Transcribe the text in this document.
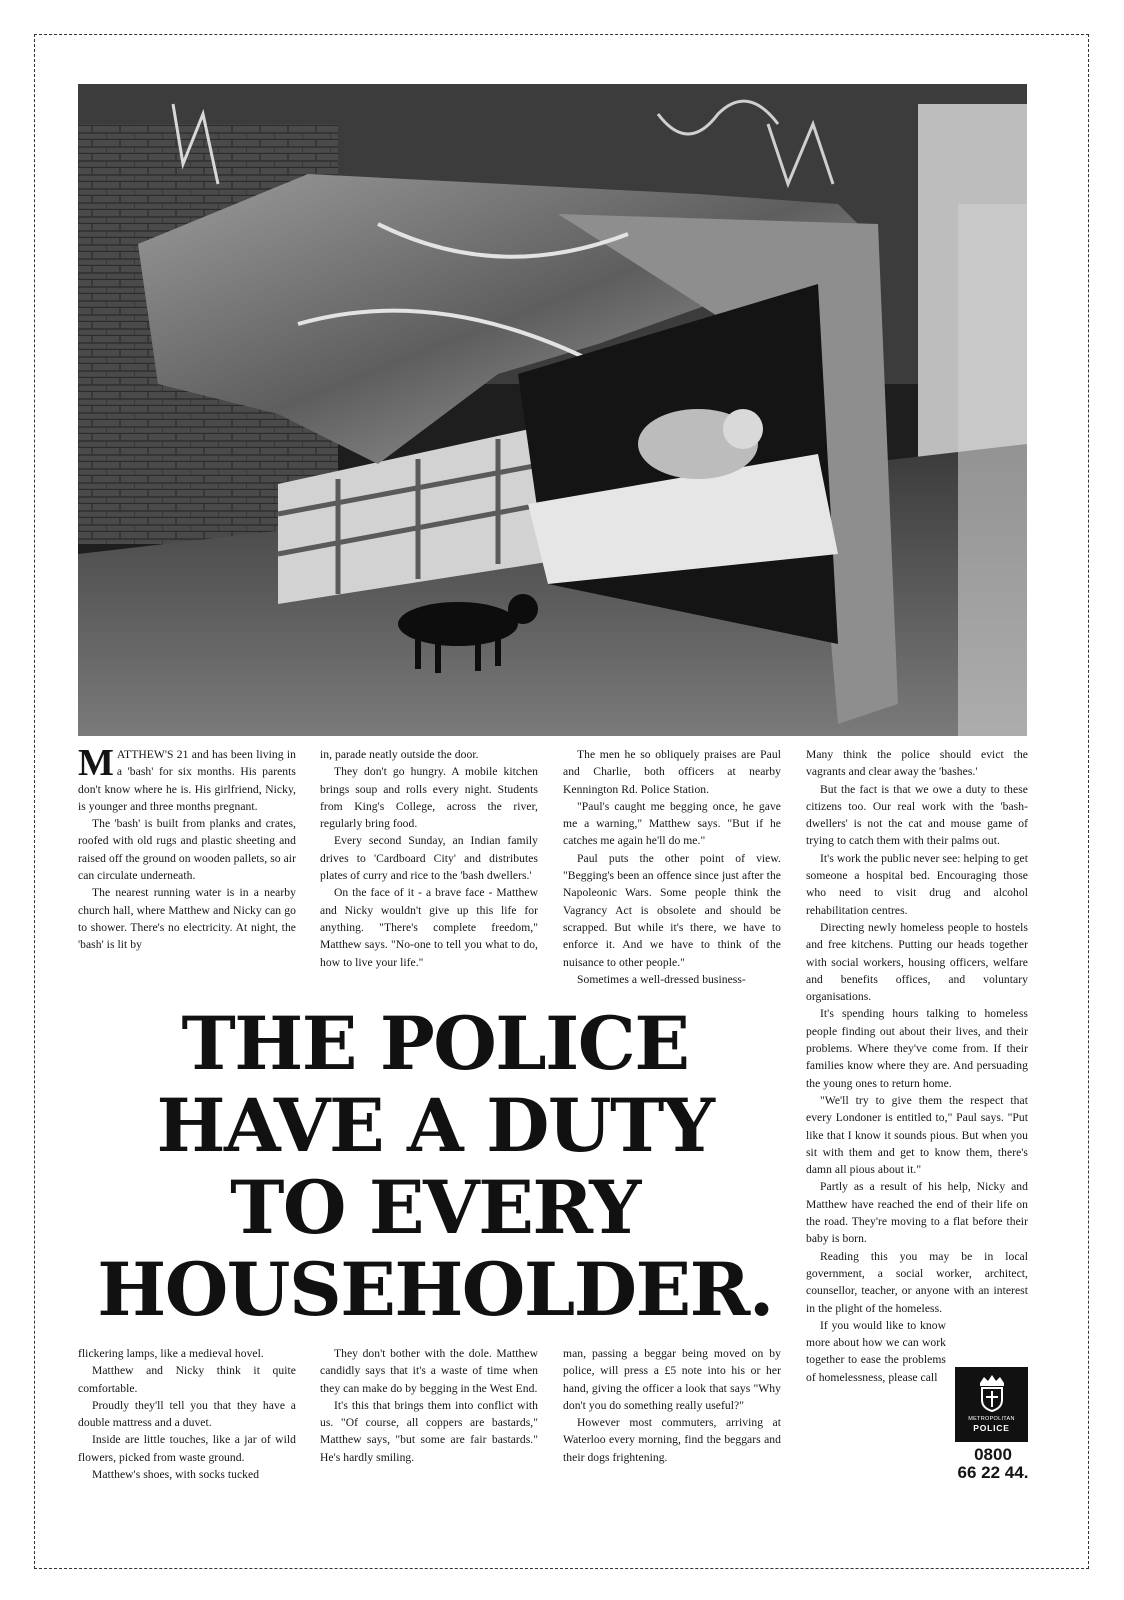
MATTHEW'S 21 and has been living in a 'bash' for six months. His parents don't know where he is. His girlfriend, Nicky, is younger and three months pregnant.

The 'bash' is built from planks and crates, roofed with old rugs and plastic sheeting and raised off the ground on wooden pallets, so air can circulate underneath.

The nearest running water is in a nearby church hall, where Matthew and Nicky can go to shower. There's no electricity. At night, the 'bash' is lit by

in, parade neatly outside the door.

They don't go hungry. A mobile kitchen brings soup and rolls every night. Students from King's College, across the river, regularly bring food.

Every second Sunday, an Indian family drives to 'Cardboard City' and distributes plates of curry and rice to the 'bash dwellers.'

On the face of it - a brave face - Matthew and Nicky wouldn't give up this life for anything. "There's complete freedom," Matthew says. "No-one to tell you what to do, how to live your life."

The men he so obliquely praises are Paul and Charlie, both officers at nearby Kennington Rd. Police Station.

"Paul's caught me begging once, he gave me a warning," Matthew says. "But if he catches me again he'll do me."

Paul puts the other point of view. "Begging's been an offence since just after the Napoleonic Wars. Some people think the Vagrancy Act is obsolete and should be scrapped. But while it's there, we have to enforce it. And we have to think of the nuisance to other people."

Sometimes a well-dressed business-

Many think the police should evict the vagrants and clear away the 'bashes.'

But the fact is that we owe a duty to these citizens too. Our real work with the 'bash-dwellers' is not the cat and mouse game of trying to catch them with their palms out.

It's work the public never see: helping to get someone a hospital bed. Encouraging those who need to visit drug and alcohol rehabilitation centres.

Directing newly homeless people to hostels and free kitchens. Putting our heads together with social workers, housing officers, welfare and benefits offices, and voluntary organisations.

It's spending hours talking to homeless people finding out about their lives, and their problems. Where they've come from. If their families know where they are. And persuading the young ones to return home.

"We'll try to give them the respect that every Londoner is entitled to," Paul says. "Put like that I know it sounds pious. But when you sit with them and get to know them, there's damn all pious about it."

Partly as a result of his help, Nicky and Matthew have reached the end of their life on the road. They're moving to a flat before their baby is born.

Reading this you may be in local government, a social worker, architect, counsellor, teacher, or anyone with an interest in the plight of the homeless.

If you would like to know more about how we can work together to ease the problems of homelessness, please call

THE POLICE
HAVE A DUTY
TO EVERY
HOUSEHOLDER.

flickering lamps, like a medieval hovel.

Matthew and Nicky think it quite comfortable.

Proudly they'll tell you that they have a double mattress and a duvet.

Inside are little touches, like a jar of wild flowers, picked from waste ground.

Matthew's shoes, with socks tucked

They don't bother with the dole. Matthew candidly says that it's a waste of time when they can make do by begging in the West End.

It's this that brings them into conflict with us. "Of course, all coppers are bastards," Matthew says, "but some are fair bastards." He's hardly smiling.

man, passing a beggar being moved on by police, will press a £5 note into his or her hand, giving the officer a look that says "Why don't you do something really useful?"

However most commuters, arriving at Waterloo every morning, find the beggars and their dogs frightening.

METROPOLITAN
POLICE
0800
66 22 44.
